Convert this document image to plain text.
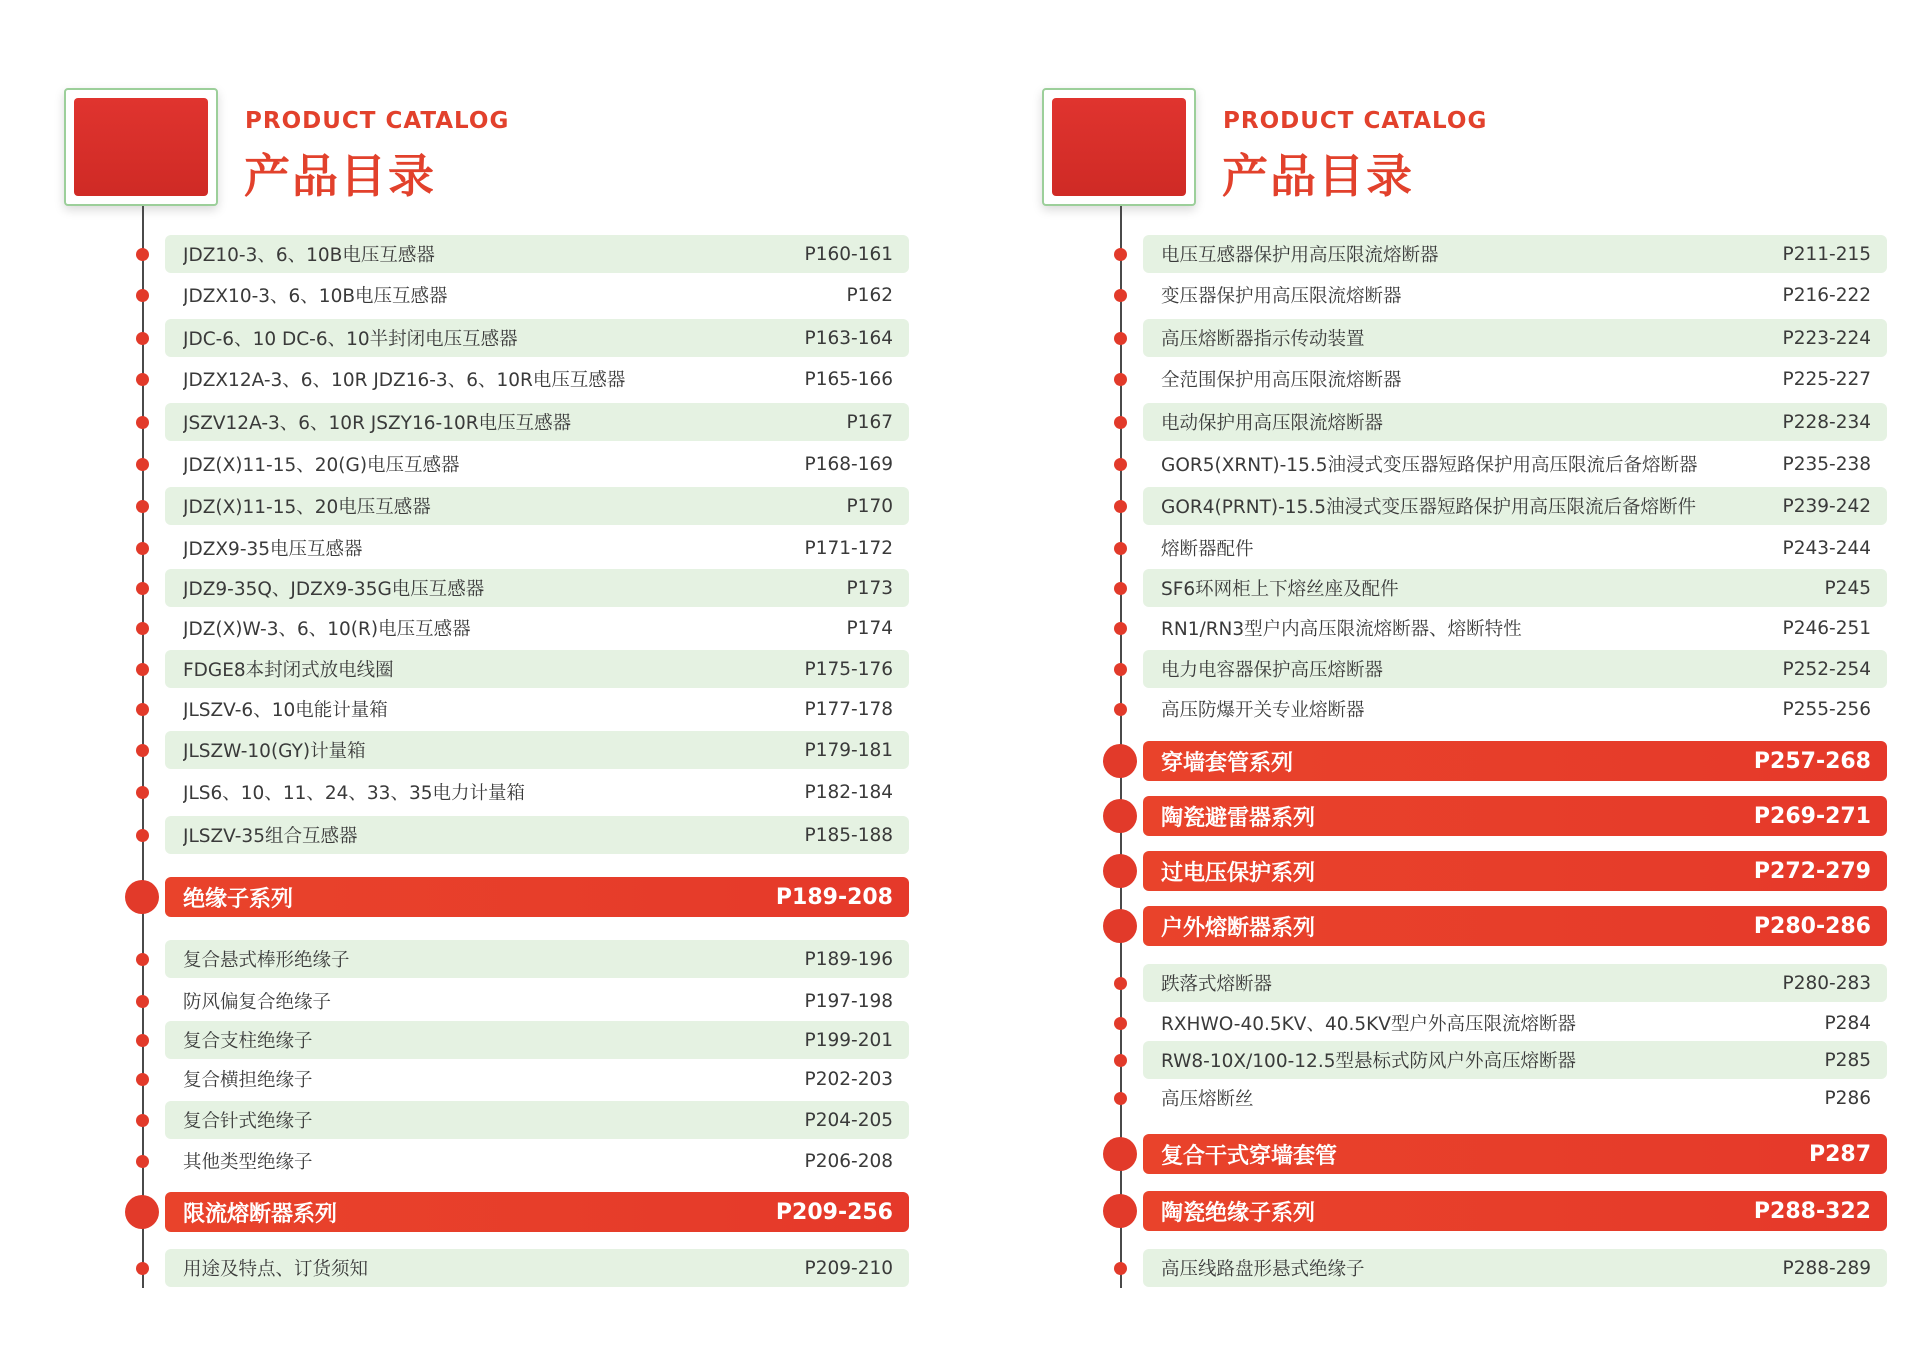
PRODUCT CATALOG
产品目录
JDZ10-3、6、10B电压互感器	P160-161
JDZX10-3、6、10B电压互感器	P162
JDC-6、10 DC-6、10半封闭电压互感器	P163-164
JDZX12A-3、6、10R JDZ16-3、6、10R电压互感器	P165-166
JSZV12A-3、6、10R JSZY16-10R电压互感器	P167
JDZ(X)11-15、20(G)电压互感器	P168-169
JDZ(X)11-15、20电压互感器	P170
JDZX9-35电压互感器	P171-172
JDZ9-35Q、JDZX9-35G电压互感器	P173
JDZ(X)W-3、6、10(R)电压互感器	P174
FDGE8本封闭式放电线圈	P175-176
JLSZV-6、10电能计量箱	P177-178
JLSZW-10(GY)计量箱	P179-181
JLS6、10、11、24、33、35电力计量箱	P182-184
JLSZV-35组合互感器	P185-188
绝缘子系列	P189-208
复合悬式棒形绝缘子	P189-196
防风偏复合绝缘子	P197-198
复合支柱绝缘子	P199-201
复合横担绝缘子	P202-203
复合针式绝缘子	P204-205
其他类型绝缘子	P206-208
限流熔断器系列	P209-256
用途及特点、订货须知	P209-210
PRODUCT CATALOG
产品目录
电压互感器保护用高压限流熔断器	P211-215
变压器保护用高压限流熔断器	P216-222
高压熔断器指示传动装置	P223-224
全范围保护用高压限流熔断器	P225-227
电动保护用高压限流熔断器	P228-234
GOR5(XRNT)-15.5油浸式变压器短路保护用高压限流后备熔断器	P235-238
GOR4(PRNT)-15.5油浸式变压器短路保护用高压限流后备熔断件	P239-242
熔断器配件	P243-244
SF6环网柜上下熔丝座及配件	P245
RN1/RN3型户内高压限流熔断器、熔断特性	P246-251
电力电容器保护高压熔断器	P252-254
高压防爆开关专业熔断器	P255-256
穿墙套管系列	P257-268
陶瓷避雷器系列	P269-271
过电压保护系列	P272-279
户外熔断器系列	P280-286
跌落式熔断器	P280-283
RXHWO-40.5KV、40.5KV型户外高压限流熔断器	P284
RW8-10X/100-12.5型悬标式防风户外高压熔断器	P285
高压熔断丝	P286
复合干式穿墙套管	P287
陶瓷绝缘子系列	P288-322
高压线路盘形悬式绝缘子	P288-289
